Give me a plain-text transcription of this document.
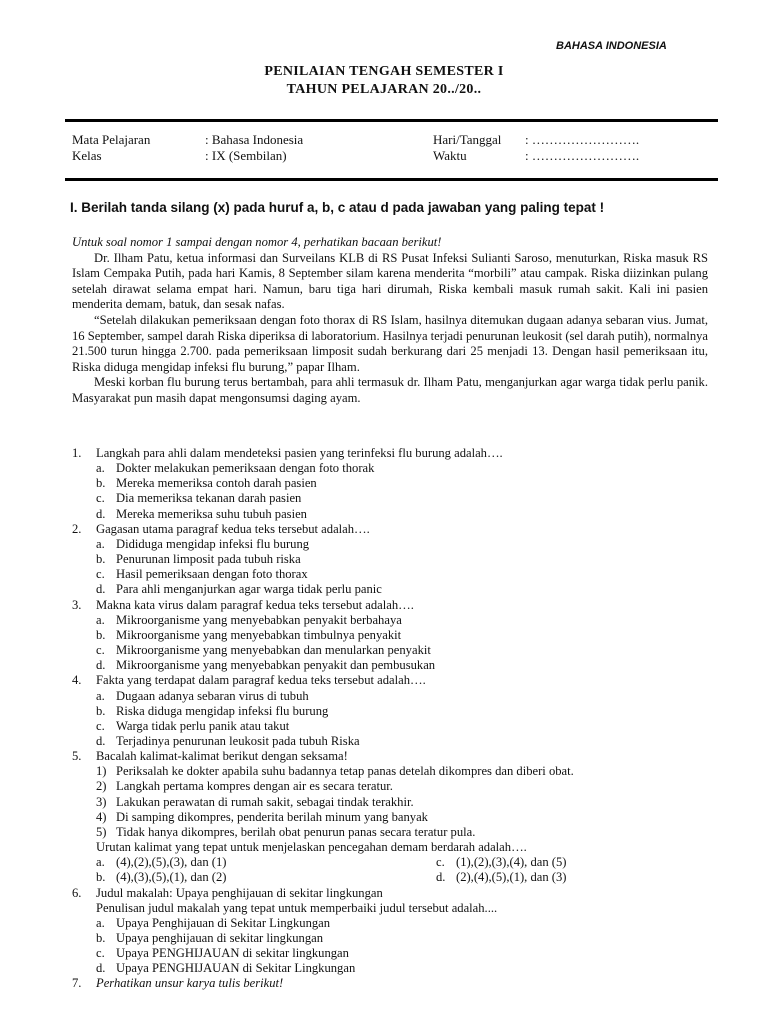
BAHASA INDONESIA
PENILAIAN TENGAH SEMESTER I
TAHUN PELAJARAN 20../20..
Mata Pelajaran	: Bahasa Indonesia	Hari/Tanggal : …………………….
Kelas	: IX (Sembilan)	Waktu	: …………………….
I. Berilah tanda silang (x) pada huruf a, b, c atau d pada jawaban yang paling tepat !

Untuk soal nomor 1 sampai dengan nomor 4, perhatikan bacaan berikut!

Dr. Ilham Patu, ketua informasi dan Surveilans KLB di RS Pusat Infeksi Sulianti Saroso, menuturkan, Riska masuk RS Islam Cempaka Putih, pada hari Kamis, 8 September silam karena menderita “morbili” atau campak. Riska diizinkan pulang setelah dirawat selama empat hari. Namun, baru tiga hari dirumah, Riska kembali masuk rumah sakit. Kali ini pasien menderita demam, batuk, dan sesak nafas.

“Setelah dilakukan pemeriksaan dengan foto thorax di RS Islam, hasilnya ditemukan dugaan adanya sebaran vius. Jumat, 16 September, sampel darah Riska diperiksa di laboratorium. Hasilnya terjadi penurunan leukosit (sel darah putih), normalnya 21.500 turun hingga 2.700. pada pemeriksaan limposit sudah berkurang dari 25 menjadi 13. Dengan hasil pemeriksaan itu, Riska diduga mengidap infeksi flu burung,” papar Ilham.

Meski korban flu burung terus bertambah, para ahli termasuk dr. Ilham Patu, menganjurkan agar warga tidak perlu panik. Masyarakat pun masih dapat mengonsumsi daging ayam.

1. Langkah para ahli dalam mendeteksi pasien yang terinfeksi flu burung adalah….
a. Dokter melakukan pemeriksaan dengan foto thorak
b. Mereka memeriksa contoh darah pasien
c. Dia memeriksa tekanan darah pasien
d. Mereka memeriksa suhu tubuh pasien
2. Gagasan utama paragraf kedua teks tersebut adalah….
a. Dididuga mengidap infeksi flu burung
b. Penurunan limposit pada tubuh riska
c. Hasil pemeriksaan dengan foto thorax
d. Para ahli menganjurkan agar warga tidak perlu panic
3. Makna kata virus dalam paragraf kedua teks tersebut adalah….
a. Mikroorganisme yang menyebabkan penyakit berbahaya
b. Mikroorganisme yang menyebabkan timbulnya penyakit
c. Mikroorganisme yang menyebabkan dan menularkan penyakit
d. Mikroorganisme yang menyebabkan penyakit dan pembusukan
4. Fakta yang terdapat dalam paragraf kedua teks tersebut adalah….
a. Dugaan adanya sebaran virus di tubuh
b. Riska diduga mengidap infeksi flu burung
c. Warga tidak perlu panik atau takut
d. Terjadinya penurunan leukosit pada tubuh Riska
5. Bacalah kalimat-kalimat berikut dengan seksama!
1) Periksalah ke dokter apabila suhu badannya tetap panas detelah dikompres dan diberi obat.
2) Langkah pertama kompres dengan air es secara teratur.
3) Lakukan perawatan di rumah sakit, sebagai tindak terakhir.
4) Di samping dikompres, penderita berilah minum yang banyak
5) Tidak hanya dikompres, berilah obat penurun panas secara teratur pula.
Urutan kalimat yang tepat untuk menjelaskan pencegahan demam berdarah adalah….
a. (4),(2),(5),(3), dan (1)
b. (4),(3),(5),(1), dan (2)
c. (1),(2),(3),(4), dan (5)
d. (2),(4),(5),(1), dan (3)
6. Judul makalah: Upaya penghijauan di sekitar lingkungan
Penulisan judul makalah yang tepat untuk memperbaiki judul tersebut adalah....
a. Upaya Penghijauan di Sekitar Lingkungan
b. Upaya penghijauan di sekitar lingkungan
c. Upaya PENGHIJAUAN di sekitar lingkungan
d. Upaya PENGHIJAUAN di Sekitar Lingkungan
7. Perhatikan unsur karya tulis berikut!
